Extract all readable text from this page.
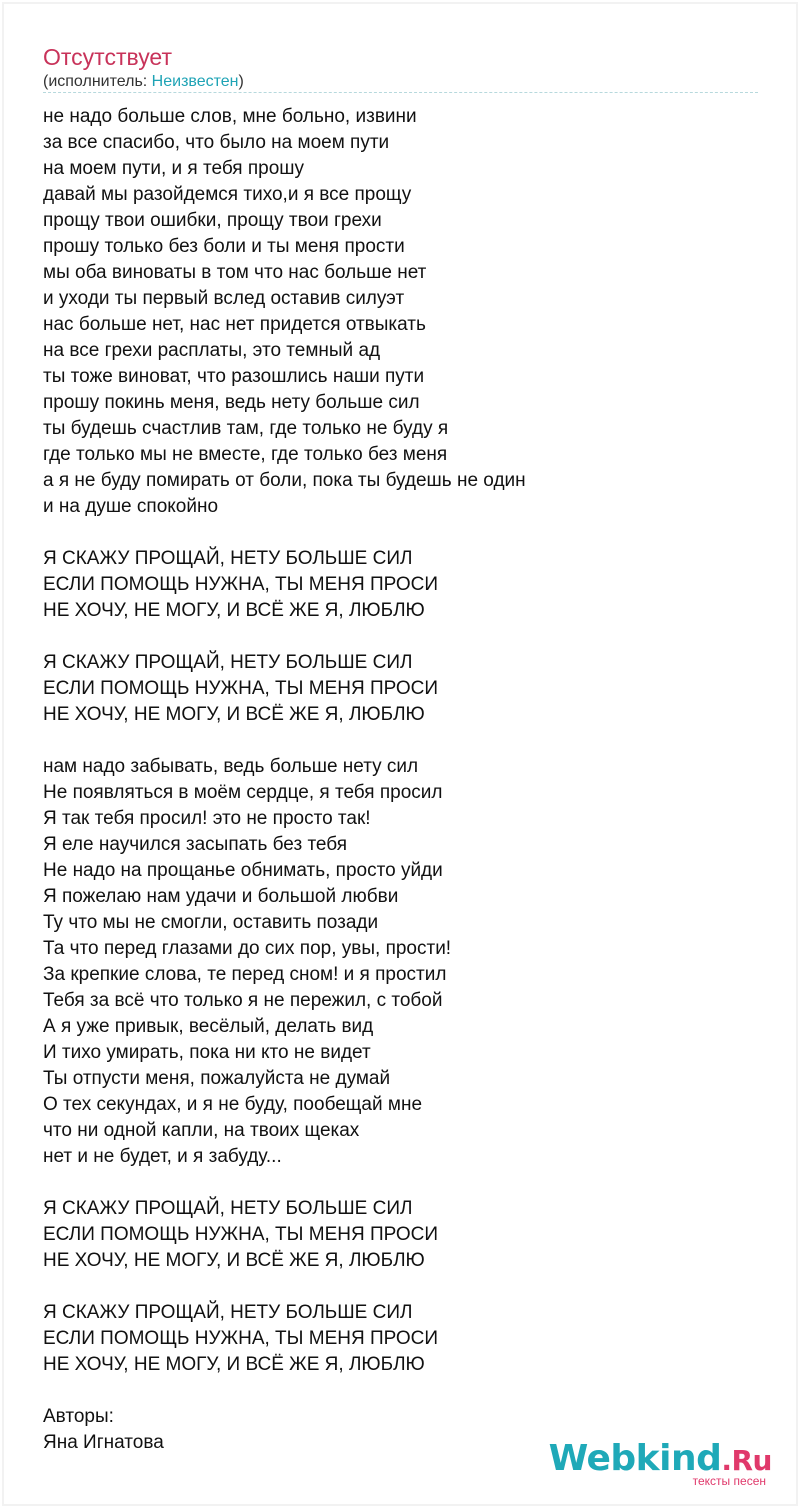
Отсутствует
(исполнитель: Неизвестен)
не надо больше слов, мне больно, извини
за все спасибо, что было на моем пути
на моем пути, и я тебя прошу
давай мы разойдемся тихо,и я все прощу
прощу твои ошибки, прощу твои грехи
прошу только без боли и ты меня прости
мы оба виноваты в том что нас больше нет
и уходи ты первый вслед оставив силуэт
нас больше нет, нас нет придется отвыкать
на все грехи расплаты, это темный ад
ты тоже виноват, что разошлись наши пути
прошу покинь меня, ведь нету больше сил
ты будешь счастлив там, где только не буду я
где только мы не вместе, где только без меня
а я не буду помирать от боли, пока ты будешь не один
и на душе спокойно
Я СКАЖУ ПРОЩАЙ, НЕТУ БОЛЬШЕ СИЛ
ЕСЛИ ПОМОЩЬ НУЖНА, ТЫ МЕНЯ ПРОСИ
НЕ ХОЧУ, НЕ МОГУ, И ВСЁ ЖЕ Я, ЛЮБЛЮ
Я СКАЖУ ПРОЩАЙ, НЕТУ БОЛЬШЕ СИЛ
ЕСЛИ ПОМОЩЬ НУЖНА, ТЫ МЕНЯ ПРОСИ
НЕ ХОЧУ, НЕ МОГУ, И ВСЁ ЖЕ Я, ЛЮБЛЮ
нам надо забывать, ведь больше нету сил
Не появляться в моём сердце, я тебя просил
Я так тебя просил! это не просто так!
Я еле научился засыпать без тебя
Не надо на прощанье обнимать, просто уйди
Я пожелаю нам удачи и большой любви
Ту что мы не смогли, оставить позади
Та что перед глазами до сих пор, увы, прости!
За крепкие слова, те перед сном! и я простил
Тебя за всё что только я не пережил, с тобой
А я уже привык, весёлый, делать вид
И тихо умирать, пока ни кто не видет
Ты отпусти меня, пожалуйста не думай
О тех секундах, и я не буду, пообещай мне
что ни одной капли, на твоих щеках
нет и не будет, и я забуду...
Я СКАЖУ ПРОЩАЙ, НЕТУ БОЛЬШЕ СИЛ
ЕСЛИ ПОМОЩЬ НУЖНА, ТЫ МЕНЯ ПРОСИ
НЕ ХОЧУ, НЕ МОГУ, И ВСЁ ЖЕ Я, ЛЮБЛЮ
Я СКАЖУ ПРОЩАЙ, НЕТУ БОЛЬШЕ СИЛ
ЕСЛИ ПОМОЩЬ НУЖНА, ТЫ МЕНЯ ПРОСИ
НЕ ХОЧУ, НЕ МОГУ, И ВСЁ ЖЕ Я, ЛЮБЛЮ
Авторы:
Яна Игнатова	Webkind.Ru
тексты песен
